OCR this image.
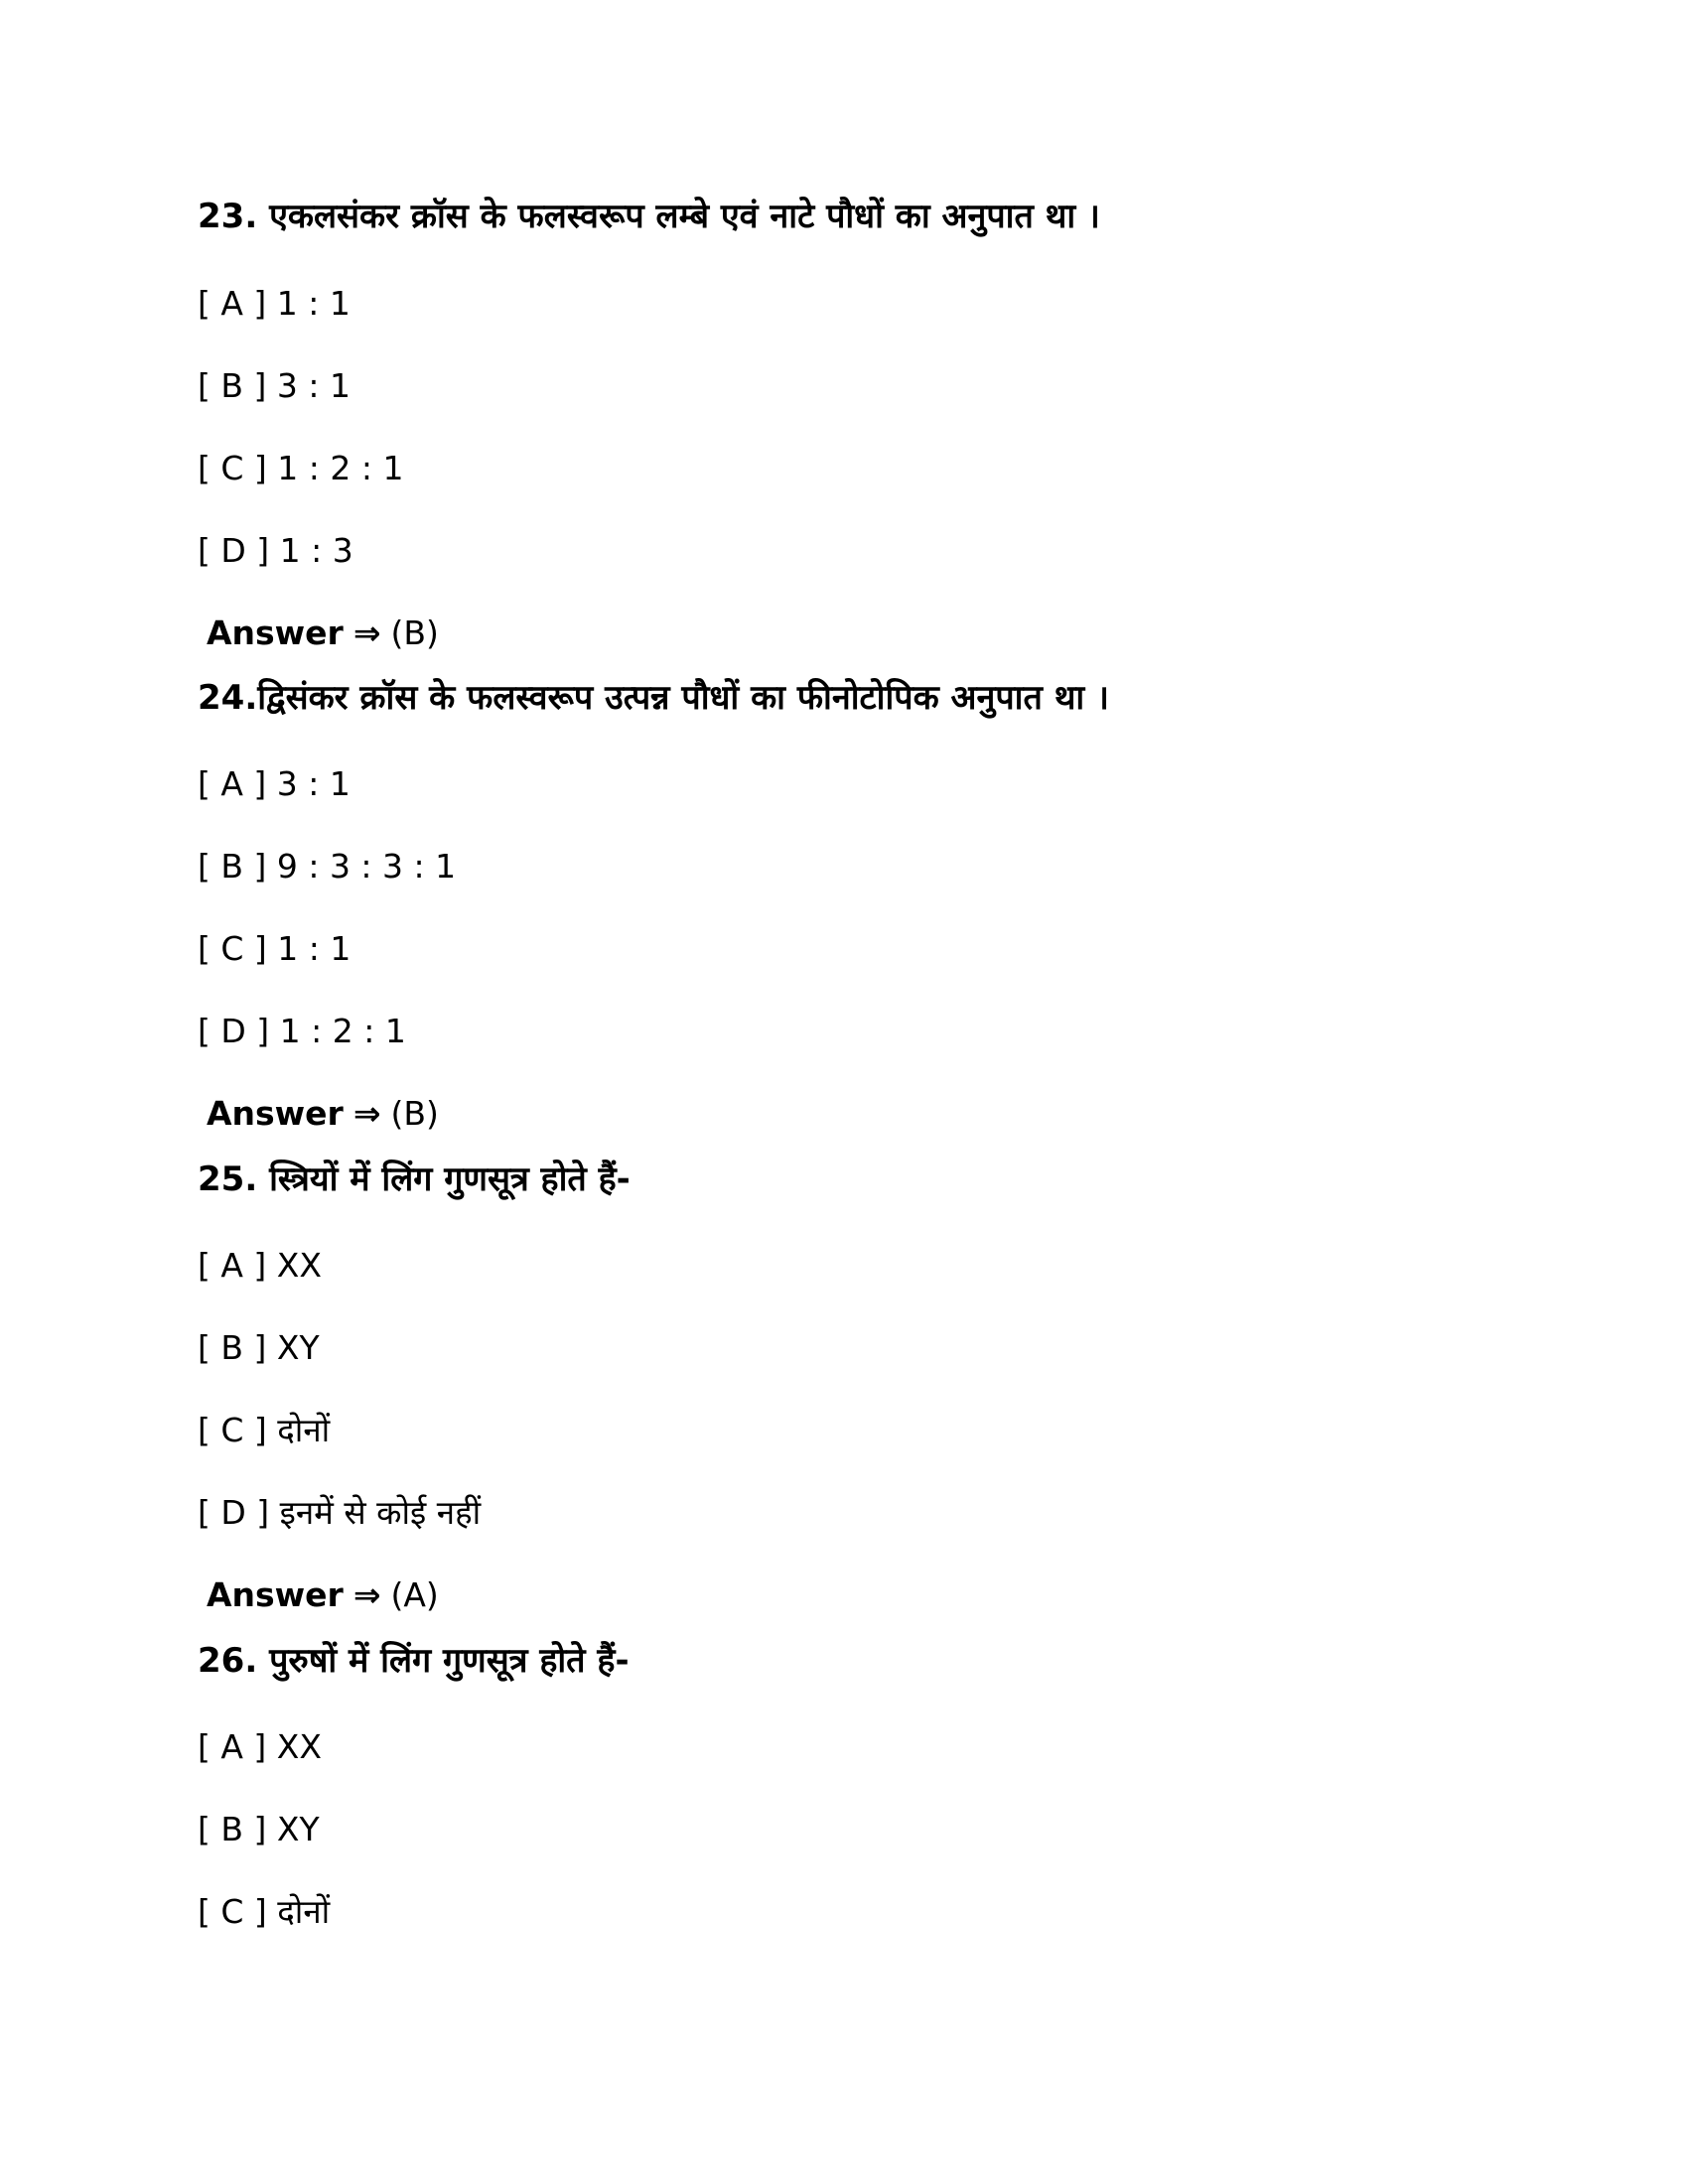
23. एकलसंकर क्रॉस के फलस्वरूप लम्बे एवं नाटे पौधों का अनुपात था ।
[ A ] 1 : 1
[ B ] 3 : 1
[ C ] 1 : 2 : 1
[ D ] 1 : 3
Answer ⇒ (B)
24.द्विसंकर क्रॉस के फलस्वरूप उत्पन्न पौधों का फीनोटोपिक अनुपात था ।
[ A ] 3 : 1
[ B ] 9 : 3 : 3 : 1
[ C ] 1 : 1
[ D ] 1 : 2 : 1
Answer ⇒ (B)
25. स्त्रियों में लिंग गुणसूत्र होते हैं-
[ A ] XX
[ B ] XY
[ C ] दोनों
[ D ] इनमें से कोई नहीं
Answer ⇒ (A)
26. पुरुषों में लिंग गुणसूत्र होते हैं-
[ A ] XX
[ B ] XY
[ C ] दोनों
